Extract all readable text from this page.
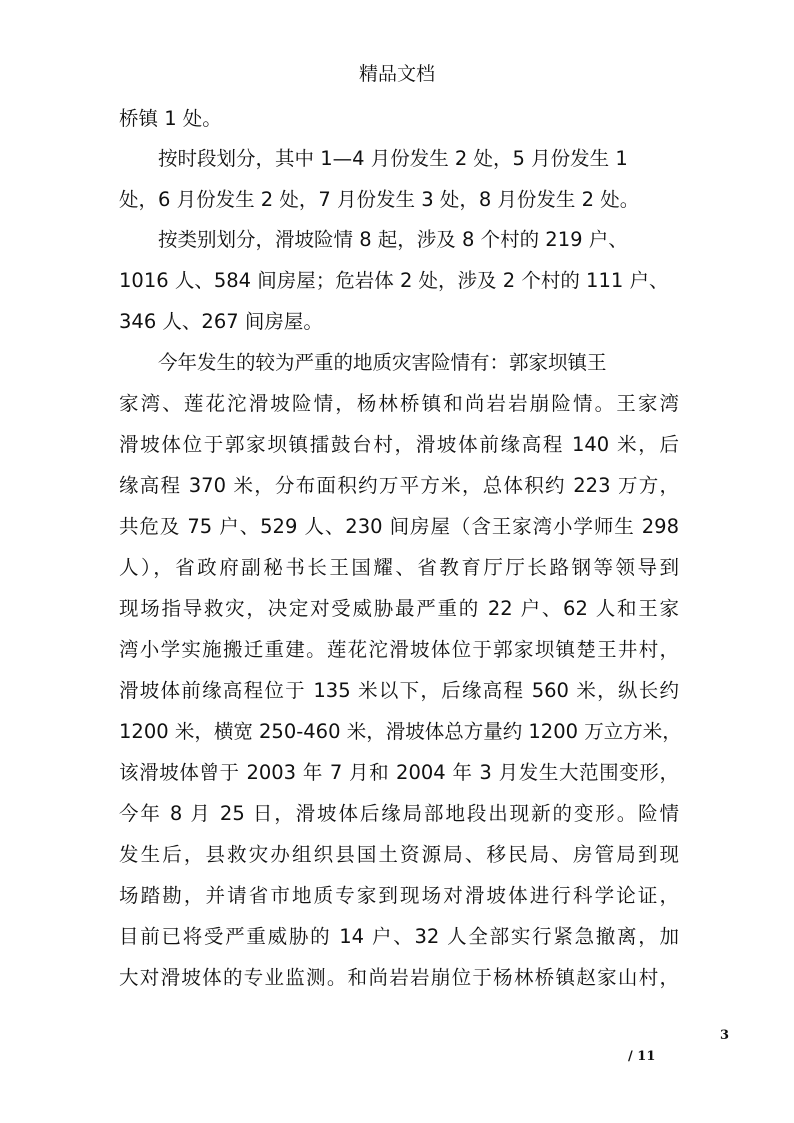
精品文档
桥镇 1 处。
按时段划分，其中 1—4 月份发生 2 处，5 月份发生 1
处，6 月份发生 2 处，7 月份发生 3 处，8 月份发生 2 处。
按类别划分，滑坡险情 8 起，涉及 8 个村的 219 户、
1016 人、584 间房屋；危岩体 2 处，涉及 2 个村的 111 户、
346 人、267 间房屋。
今年发生的较为严重的地质灾害险情有：郭家坝镇王
家湾、莲花沱滑坡险情，杨林桥镇和尚岩岩崩险情。王家湾
滑坡体位于郭家坝镇擂鼓台村，滑坡体前缘高程 140 米，后
缘高程 370 米，分布面积约万平方米，总体积约 223 万方，
共危及 75 户、529 人、230 间房屋（含王家湾小学师生 298
人），省政府副秘书长王国耀、省教育厅厅长路钢等领导到
现场指导救灾，决定对受威胁最严重的 22 户、62 人和王家
湾小学实施搬迁重建。莲花沱滑坡体位于郭家坝镇楚王井村，
滑坡体前缘高程位于 135 米以下，后缘高程 560 米，纵长约
1200 米，横宽 250-460 米，滑坡体总方量约 1200 万立方米，
该滑坡体曾于 2003 年 7 月和 2004 年 3 月发生大范围变形，
今年 8 月 25 日，滑坡体后缘局部地段出现新的变形。险情
发生后，县救灾办组织县国土资源局、移民局、房管局到现
场踏勘，并请省市地质专家到现场对滑坡体进行科学论证，
目前已将受严重威胁的 14 户、32 人全部实行紧急撤离，加
大对滑坡体的专业监测。和尚岩岩崩位于杨林桥镇赵家山村，
3
/ 11
